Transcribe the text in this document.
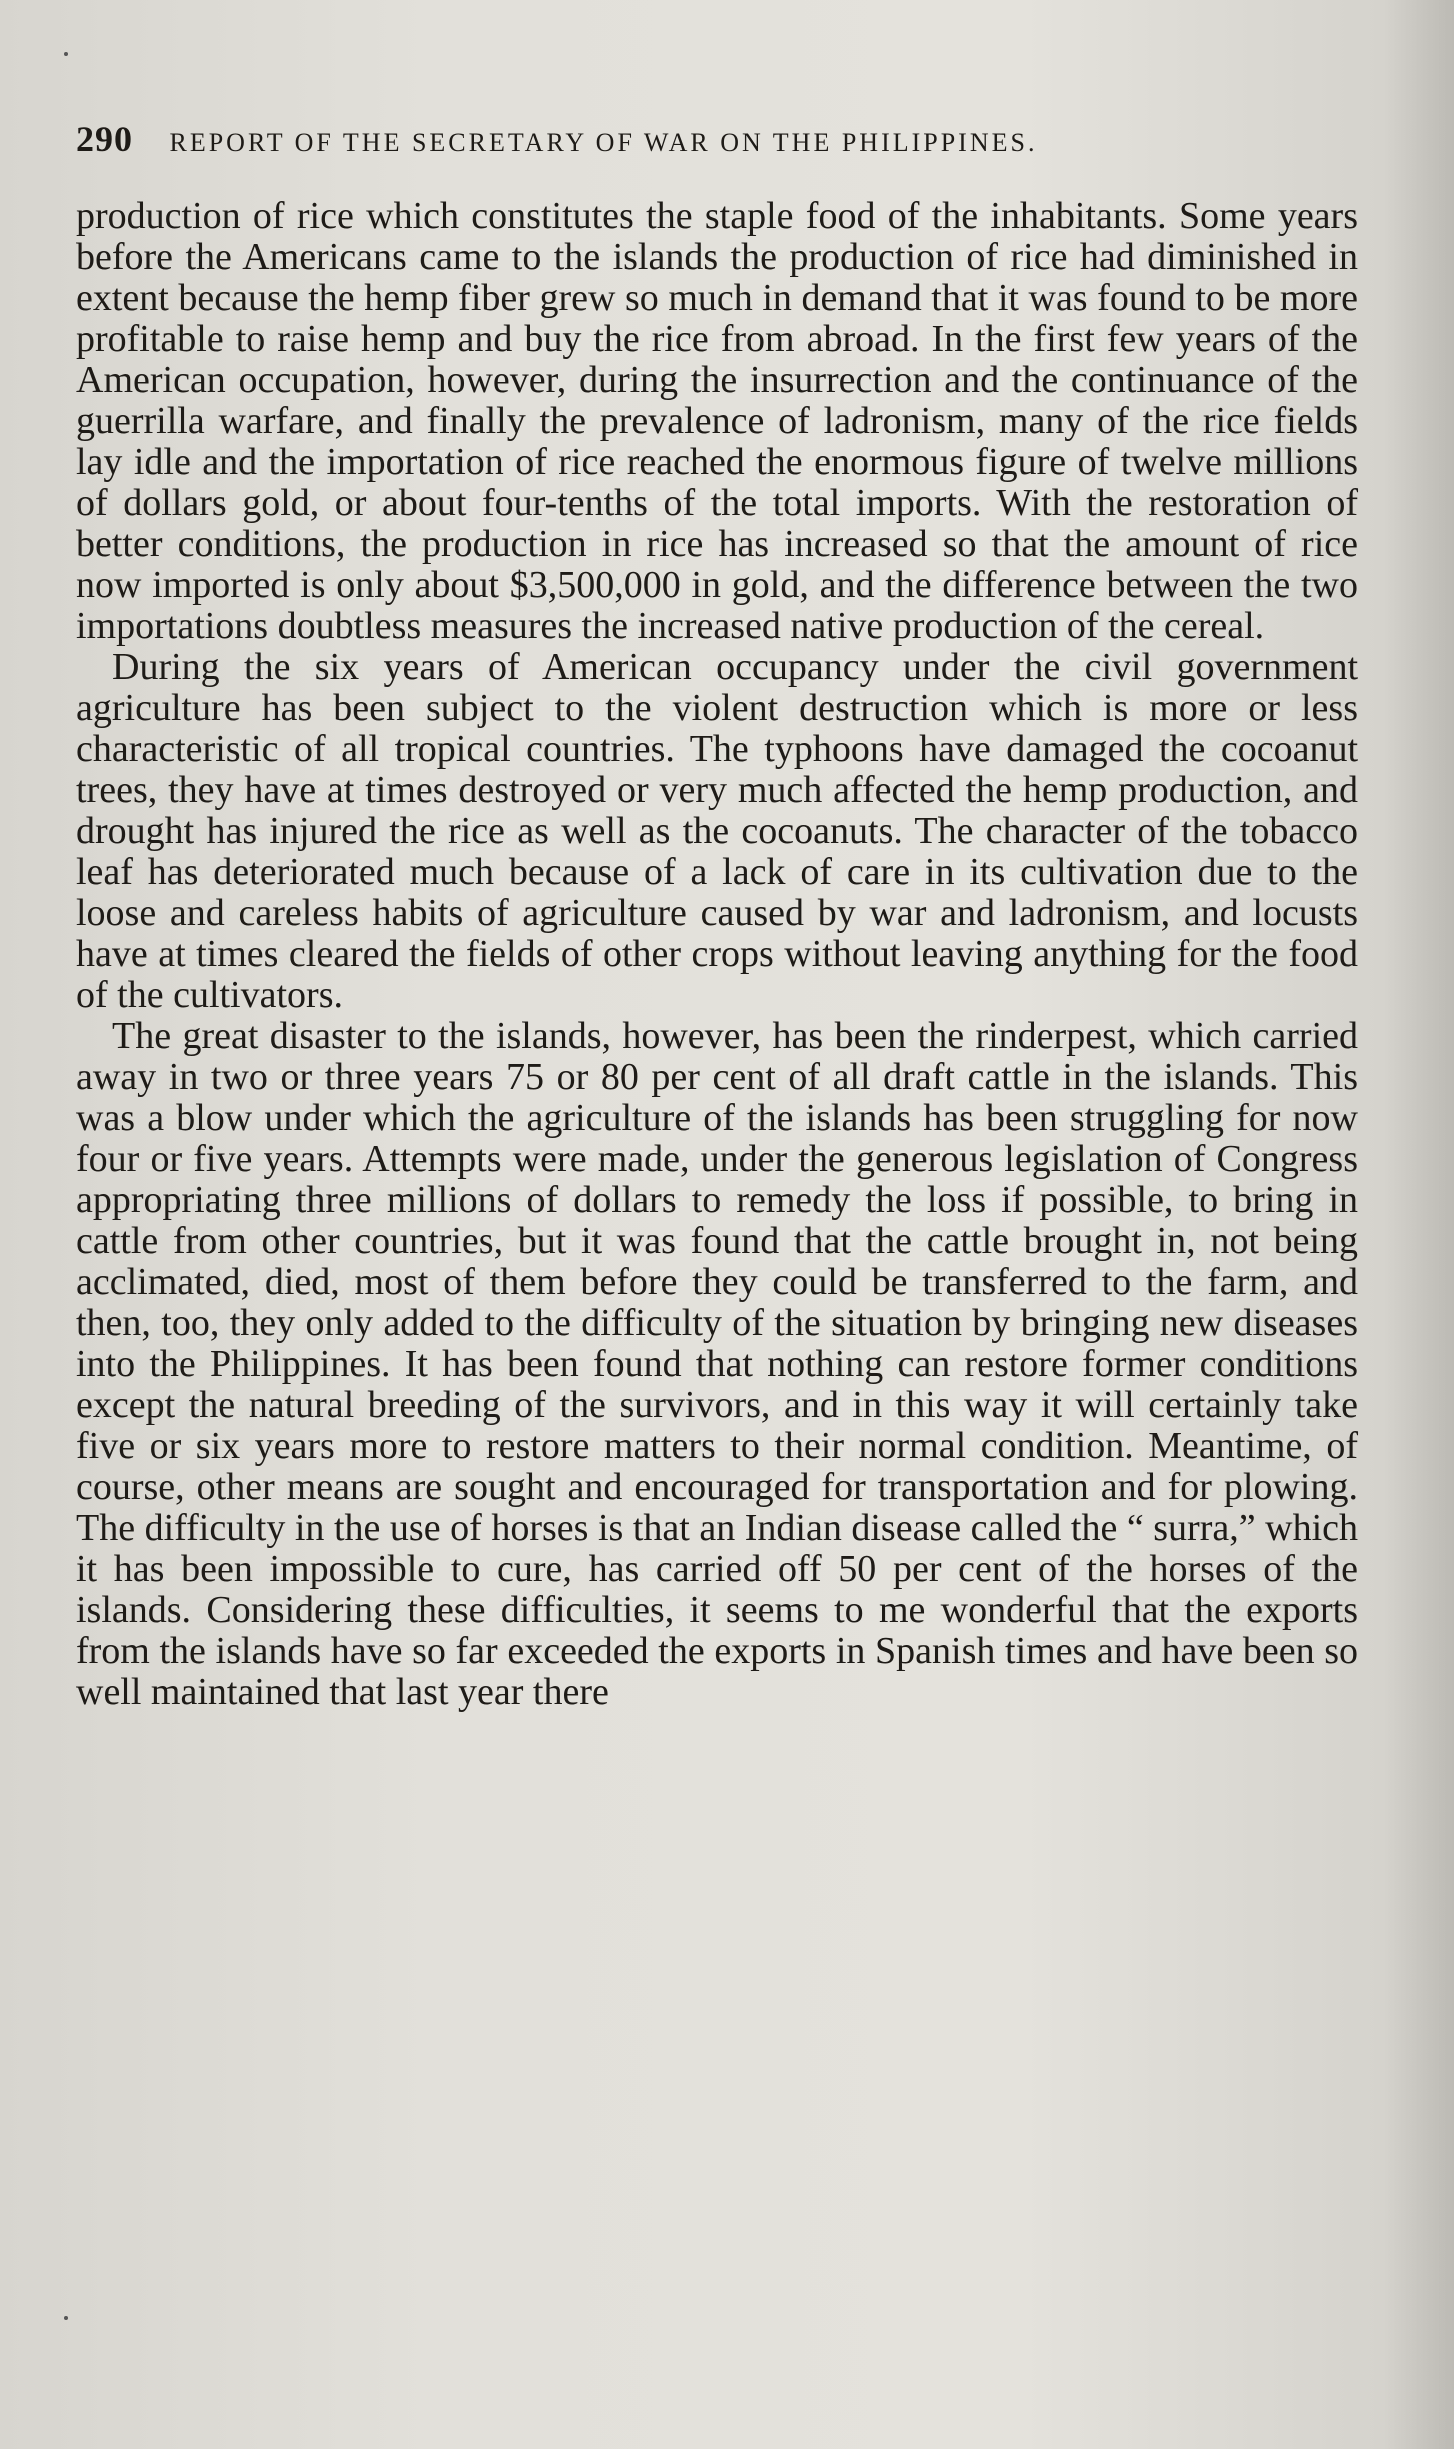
290 REPORT OF THE SECRETARY OF WAR ON THE PHILIPPINES.

production of rice which constitutes the staple food of the inhabitants. Some years before the Americans came to the islands the production of rice had diminished in extent because the hemp fiber grew so much in demand that it was found to be more profitable to raise hemp and buy the rice from abroad. In the first few years of the American occupation, however, during the insurrection and the continuance of the guerrilla warfare, and finally the prevalence of ladronism, many of the rice fields lay idle and the importation of rice reached the enormous figure of twelve millions of dollars gold, or about four-tenths of the total imports. With the restoration of better conditions, the production in rice has increased so that the amount of rice now imported is only about $3,500,000 in gold, and the difference between the two importations doubtless measures the increased native production of the cereal.

During the six years of American occupancy under the civil government agriculture has been subject to the violent destruction which is more or less characteristic of all tropical countries. The typhoons have damaged the cocoanut trees, they have at times destroyed or very much affected the hemp production, and drought has injured the rice as well as the cocoanuts. The character of the tobacco leaf has deteriorated much because of a lack of care in its cultivation due to the loose and careless habits of agriculture caused by war and ladronism, and locusts have at times cleared the fields of other crops without leaving anything for the food of the cultivators.

The great disaster to the islands, however, has been the rinderpest, which carried away in two or three years 75 or 80 per cent of all draft cattle in the islands. This was a blow under which the agriculture of the islands has been struggling for now four or five years. Attempts were made, under the generous legislation of Congress appropriating three millions of dollars to remedy the loss if possible, to bring in cattle from other countries, but it was found that the cattle brought in, not being acclimated, died, most of them before they could be transferred to the farm, and then, too, they only added to the difficulty of the situation by bringing new diseases into the Philippines. It has been found that nothing can restore former conditions except the natural breeding of the survivors, and in this way it will certainly take five or six years more to restore matters to their normal condition. Meantime, of course, other means are sought and encouraged for transportation and for plowing. The difficulty in the use of horses is that an Indian disease called the “ surra,” which it has been impossible to cure, has carried off 50 per cent of the horses of the islands. Considering these difficulties, it seems to me wonderful that the exports from the islands have so far exceeded the exports in Spanish times and have been so well maintained that last year there
